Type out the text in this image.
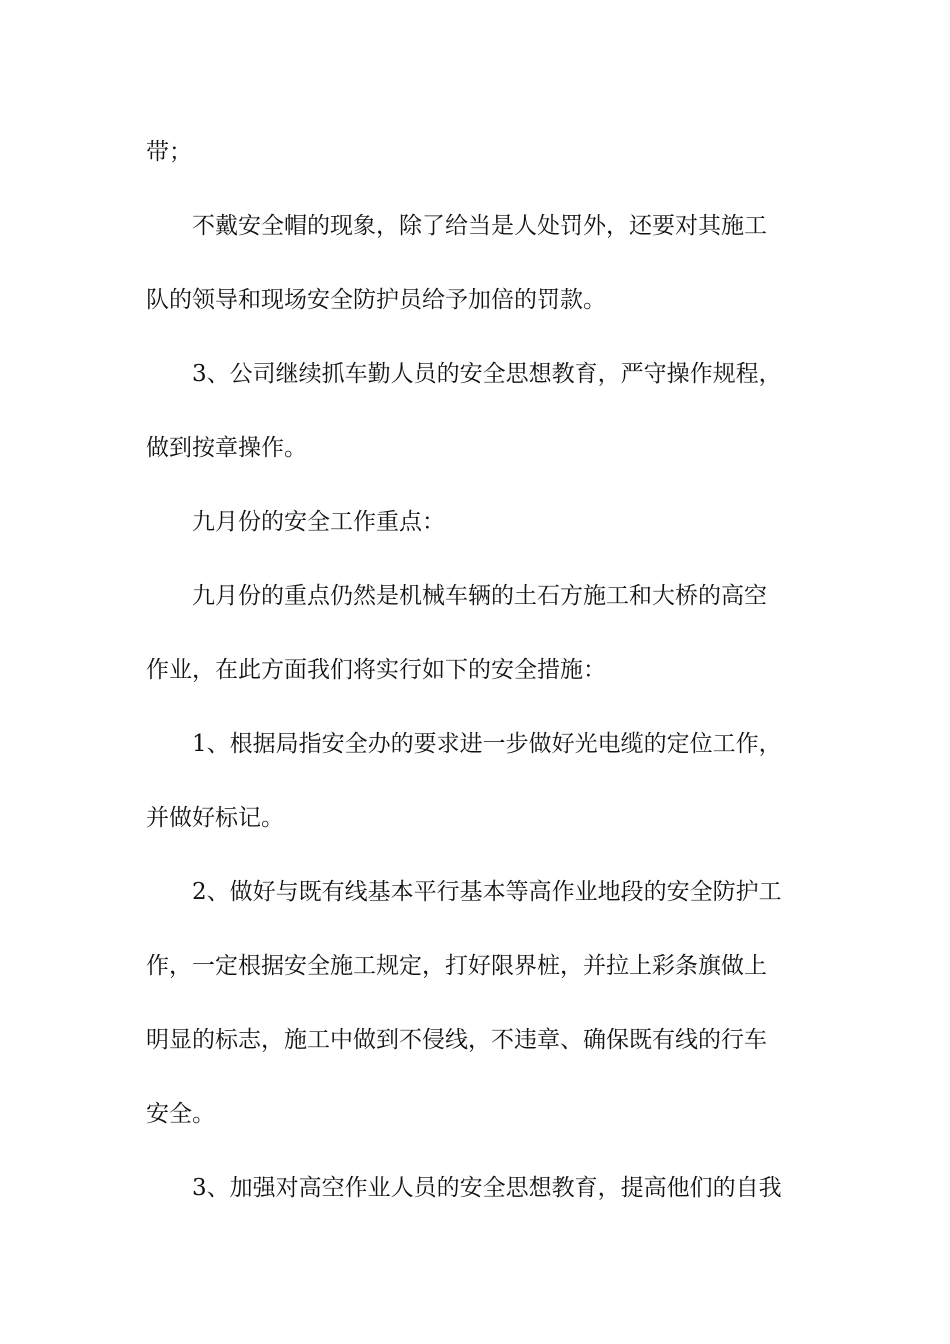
带；
不戴安全帽的现象，除了给当是人处罚外，还要对其施工
队的领导和现场安全防护员给予加倍的罚款。
3、公司继续抓车勤人员的安全思想教育，严守操作规程，
做到按章操作。
九月份的安全工作重点：
九月份的重点仍然是机械车辆的土石方施工和大桥的高空
作业，在此方面我们将实行如下的安全措施：
1、根据局指安全办的要求进一步做好光电缆的定位工作，
并做好标记。
2、做好与既有线基本平行基本等高作业地段的安全防护工
作，一定根据安全施工规定，打好限界桩，并拉上彩条旗做上
明显的标志，施工中做到不侵线，不违章、确保既有线的行车
安全。
3、加强对高空作业人员的安全思想教育，提高他们的自我
